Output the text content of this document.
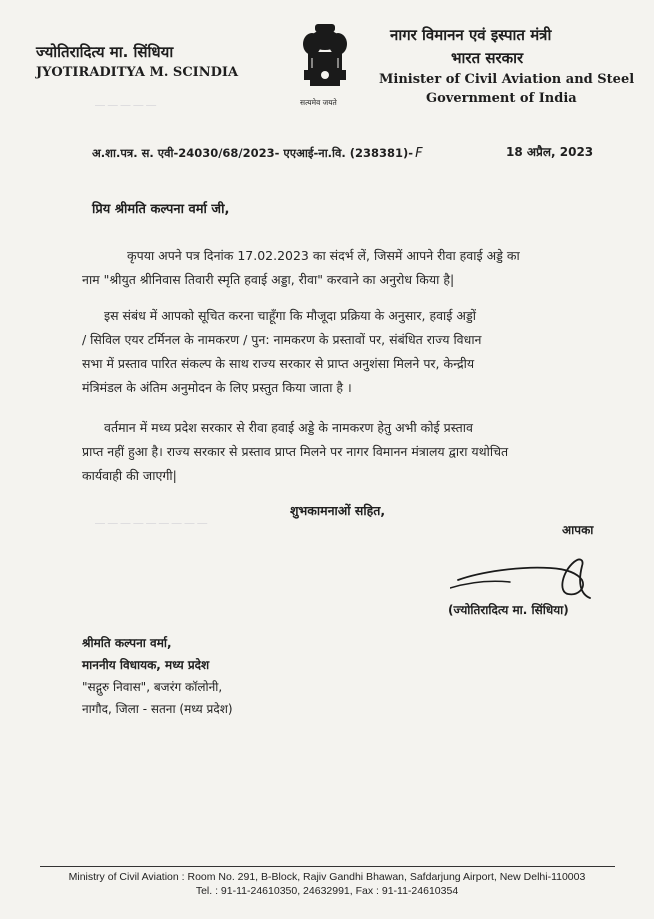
— — — — —
— — — — — — — — —
ज्योतिरादित्य मा. सिंधिया
JYOTIRADITYA M. SCINDIA
सत्यमेव जयते
नागर विमानन एवं इस्पात मंत्री
भारत सरकार
Minister of Civil Aviation and Steel
Government of India
अ.शा.पत्र. स. एवी-24030/68/2023- एएआई-ना.वि. (238381)- F	18 अप्रैल, 2023
प्रिय श्रीमति कल्पना वर्मा जी,
कृपया अपने पत्र दिनांक 17.02.2023 का संदर्भ लें, जिसमें आपने रीवा हवाई अड्डे का
नाम "श्रीयुत श्रीनिवास तिवारी स्मृति हवाई अड्डा, रीवा" करवाने का अनुरोध किया है|
इस संबंध में आपको सूचित करना चाहूँगा कि मौजूदा प्रक्रिया के अनुसार, हवाई अड्डों
/ सिविल एयर टर्मिनल के नामकरण / पुन: नामकरण के प्रस्तावों पर, संबंधित राज्य विधान
सभा में प्रस्ताव पारित संकल्प के साथ राज्य सरकार से प्राप्त अनुशंसा मिलने पर, केन्द्रीय
मंत्रिमंडल के अंतिम अनुमोदन के लिए प्रस्तुत किया जाता है ।
वर्तमान में मध्य प्रदेश सरकार से रीवा हवाई अड्डे के नामकरण हेतु अभी कोई प्रस्ताव
प्राप्त नहीं हुआ है। राज्य सरकार से प्रस्ताव प्राप्त मिलने पर नागर विमानन मंत्रालय द्वारा यथोचित
कार्यवाही की जाएगी|
शुभकामनाओं सहित,
आपका
(ज्योतिरादित्य मा. सिंधिया)
श्रीमति कल्पना वर्मा,
माननीय विधायक, मध्य प्रदेश
"सद्गुरु निवास", बजरंग कॉलोनी,
नागौद, जिला - सतना (मध्य प्रदेश)
Ministry of Civil Aviation : Room No. 291, B-Block, Rajiv Gandhi Bhawan, Safdarjung Airport, New Delhi-110003
Tel. : 91-11-24610350, 24632991, Fax : 91-11-24610354
